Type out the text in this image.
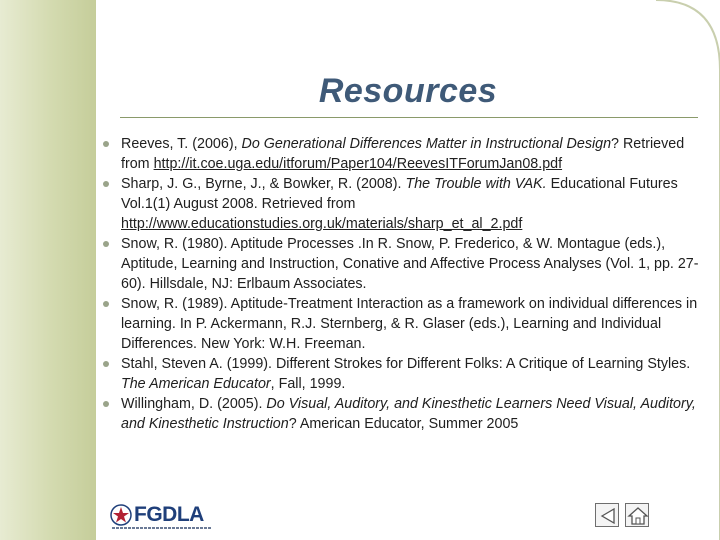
Resources
Reeves, T. (2006), Do Generational Differences Matter in Instructional Design? Retrieved from http://it.coe.uga.edu/itforum/Paper104/ReevesITForumJan08.pdf
Sharp, J. G., Byrne, J., & Bowker, R. (2008). The Trouble with VAK. Educational Futures Vol.1(1) August 2008. Retrieved from http://www.educationstudies.org.uk/materials/sharp_et_al_2.pdf
Snow, R. (1980). Aptitude Processes .In R. Snow, P. Frederico, & W. Montague (eds.), Aptitude, Learning and Instruction, Conative and Affective Process Analyses (Vol. 1, pp. 27-60). Hillsdale, NJ: Erlbaum Associates.
Snow, R. (1989). Aptitude-Treatment Interaction as a framework on individual differences in learning. In P. Ackermann, R.J. Sternberg, & R. Glaser (eds.), Learning and Individual Differences. New York: W.H. Freeman.
Stahl, Steven A. (1999). Different Strokes for Different Folks: A Critique of Learning Styles. The American Educator, Fall, 1999.
Willingham, D. (2005). Do Visual, Auditory, and Kinesthetic Learners Need Visual, Auditory, and Kinesthetic Instruction? American Educator, Summer 2005
FGDLA
